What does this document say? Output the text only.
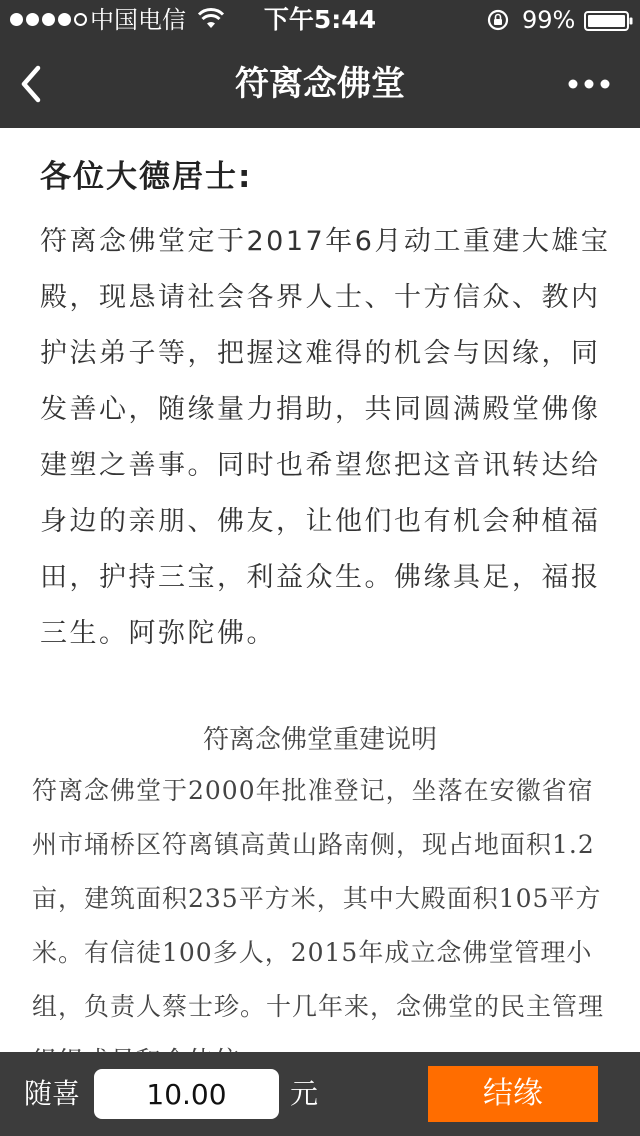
中国电信	下午5:44	99%
符离念佛堂
各位大德居士:
符离念佛堂定于2017年6月动工重建大雄宝殿，现恳请社会各界人士、十方信众、教内护法弟子等，把握这难得的机会与因缘，同发善心，随缘量力捐助，共同圆满殿堂佛像建塑之善事。同时也希望您把这音讯转达给身边的亲朋、佛友，让他们也有机会种植福田，护持三宝，利益众生。佛缘具足，福报三生。阿弥陀佛。
符离念佛堂重建说明
符离念佛堂于2000年批准登记，坐落在安徽省宿州市埇桥区符离镇高黄山路南侧，现占地面积1.2亩，建筑面积235平方米，其中大殿面积105平方米。有信徒100多人，2015年成立念佛堂管理小组，负责人蔡士珍。十几年来，念佛堂的民主管理
随喜
10.00	元	结缘
